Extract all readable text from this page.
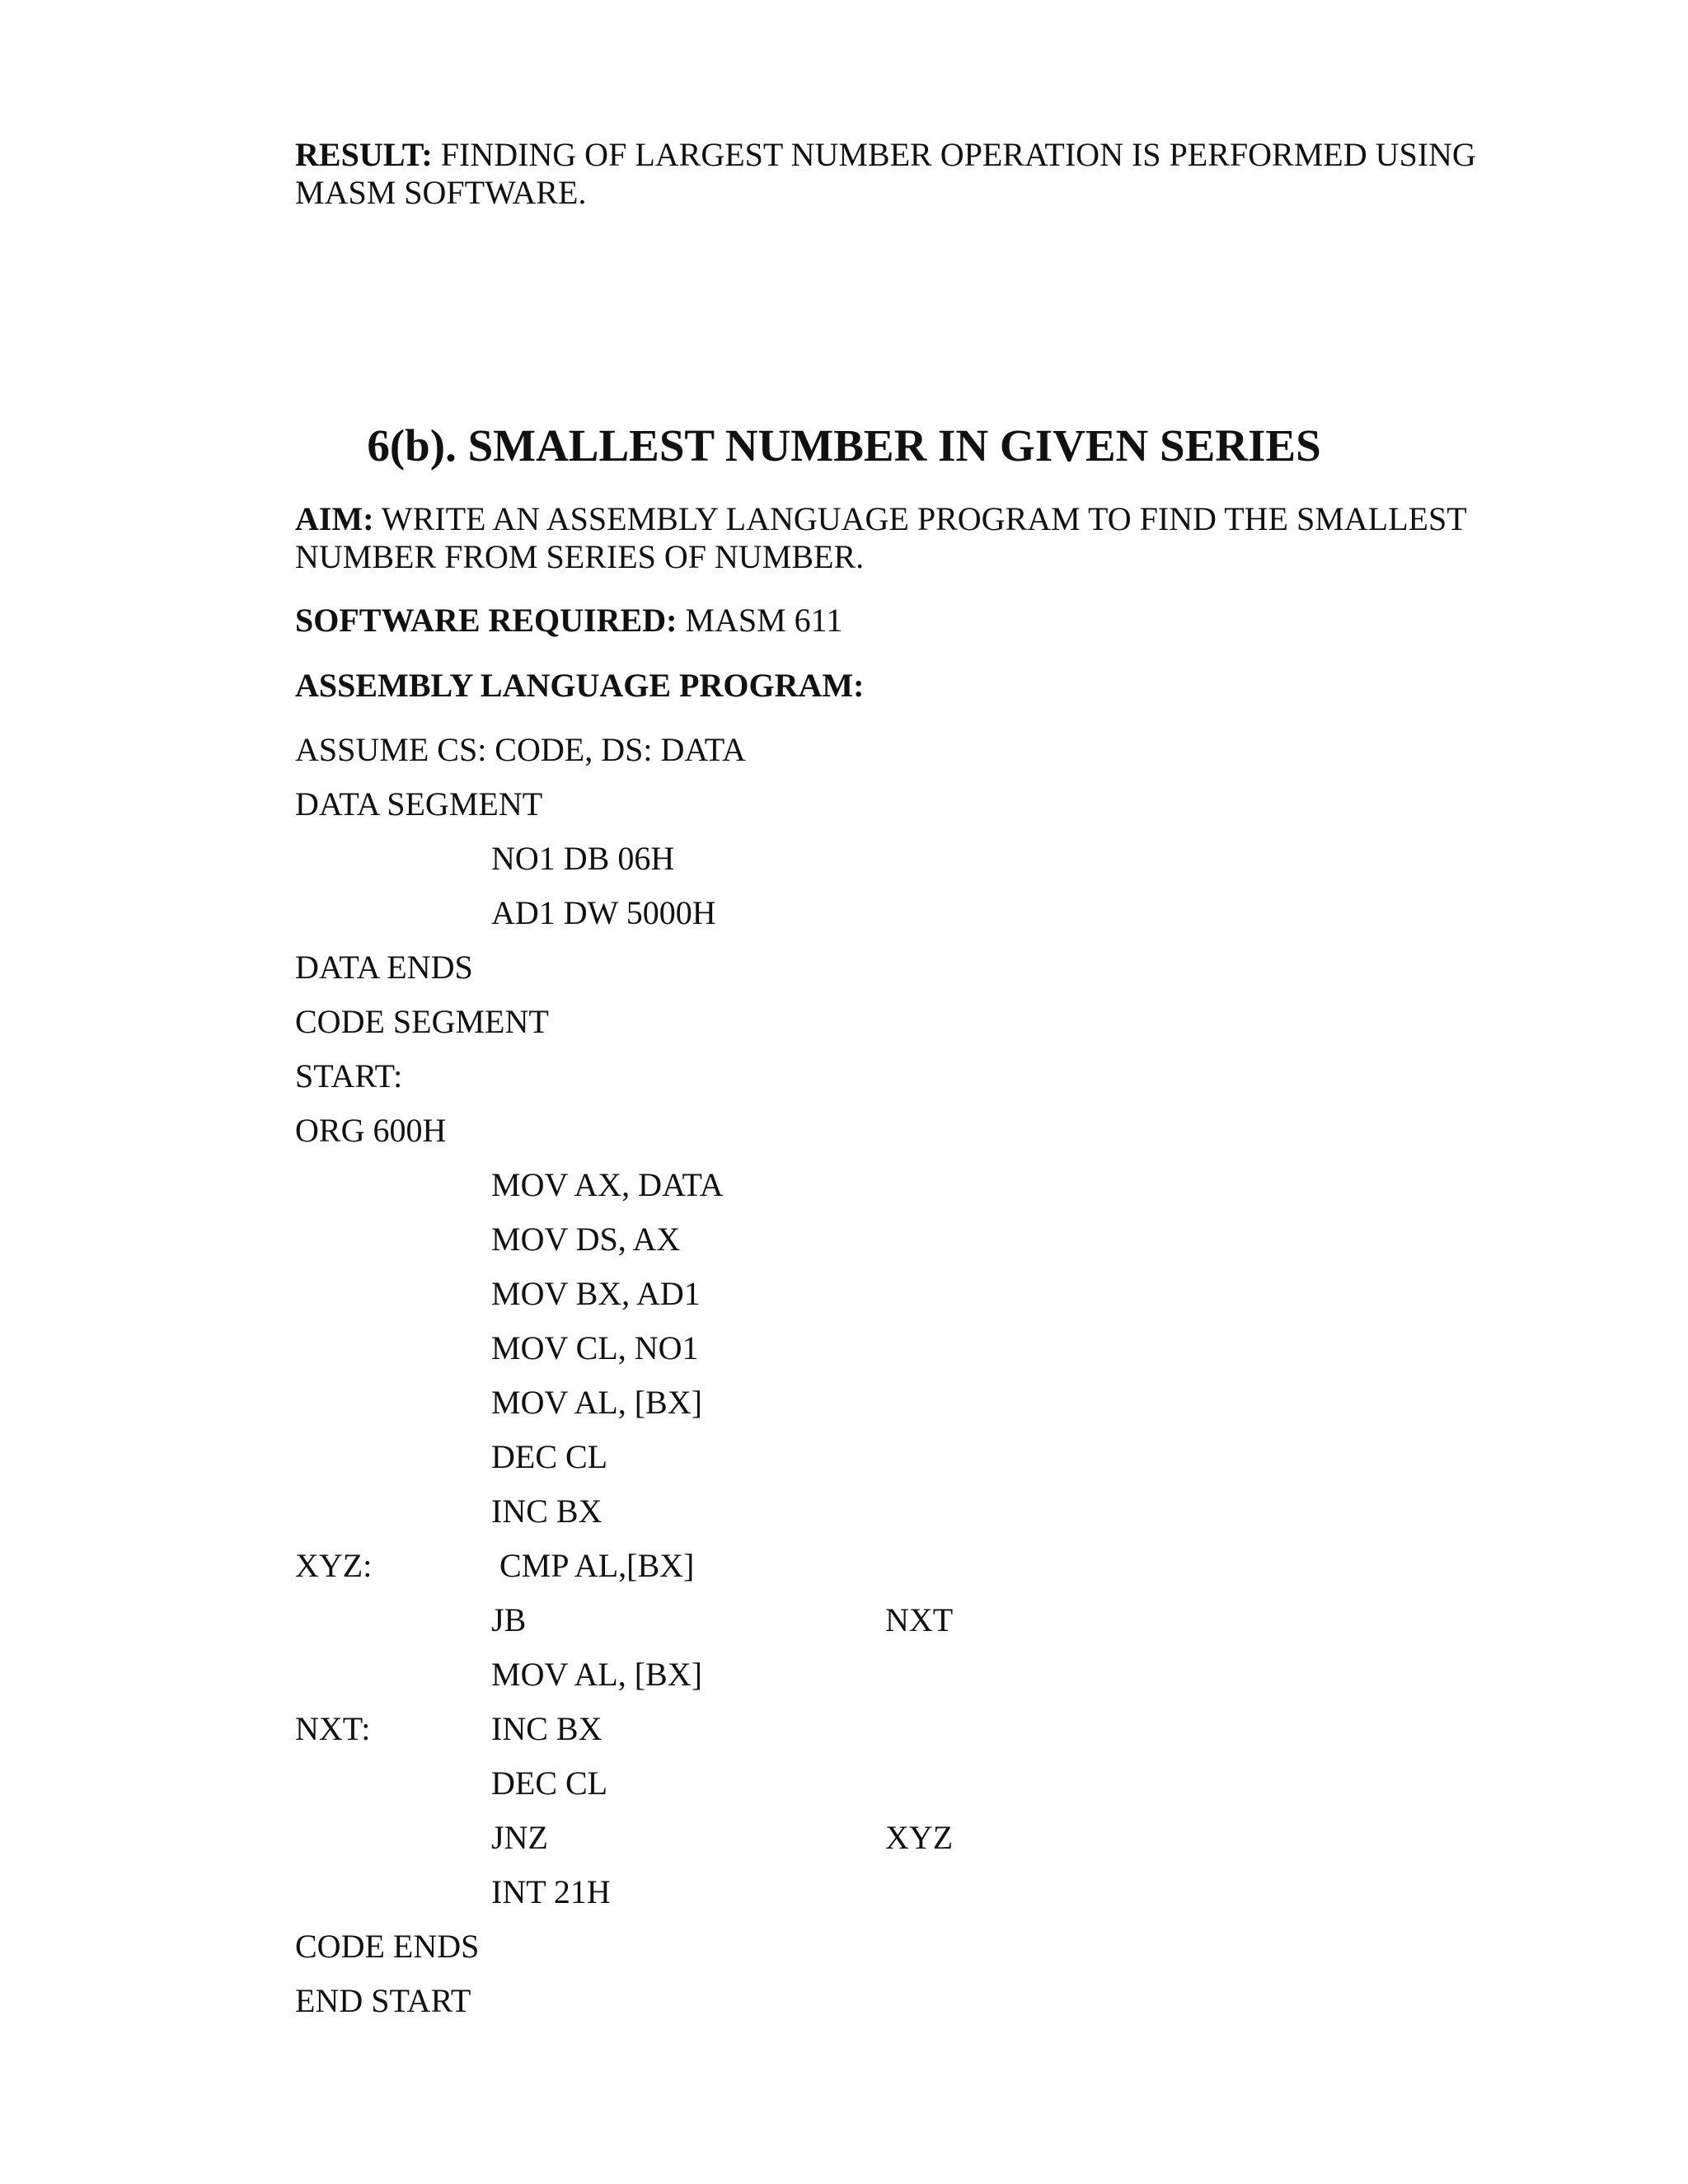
RESULT: FINDING OF LARGEST NUMBER OPERATION IS PERFORMED USING MASM SOFTWARE.
6(b). SMALLEST NUMBER IN GIVEN SERIES
AIM: WRITE AN ASSEMBLY LANGUAGE PROGRAM TO FIND THE SMALLEST NUMBER FROM SERIES OF NUMBER.
SOFTWARE REQUIRED: MASM 611
ASSEMBLY LANGUAGE PROGRAM:
ASSUME CS: CODE, DS: DATA
DATA SEGMENT
NO1 DB 06H
AD1 DW 5000H
DATA ENDS
CODE SEGMENT
START:
ORG 600H
MOV AX, DATA
MOV DS, AX
MOV BX, AD1
MOV CL, NO1
MOV AL, [BX]
DEC CL
INC BX
XYZ:	CMP AL,[BX]
JB	NXT
MOV AL, [BX]
NXT:	INC BX
DEC CL
JNZ	XYZ
INT 21H
CODE ENDS
END START
